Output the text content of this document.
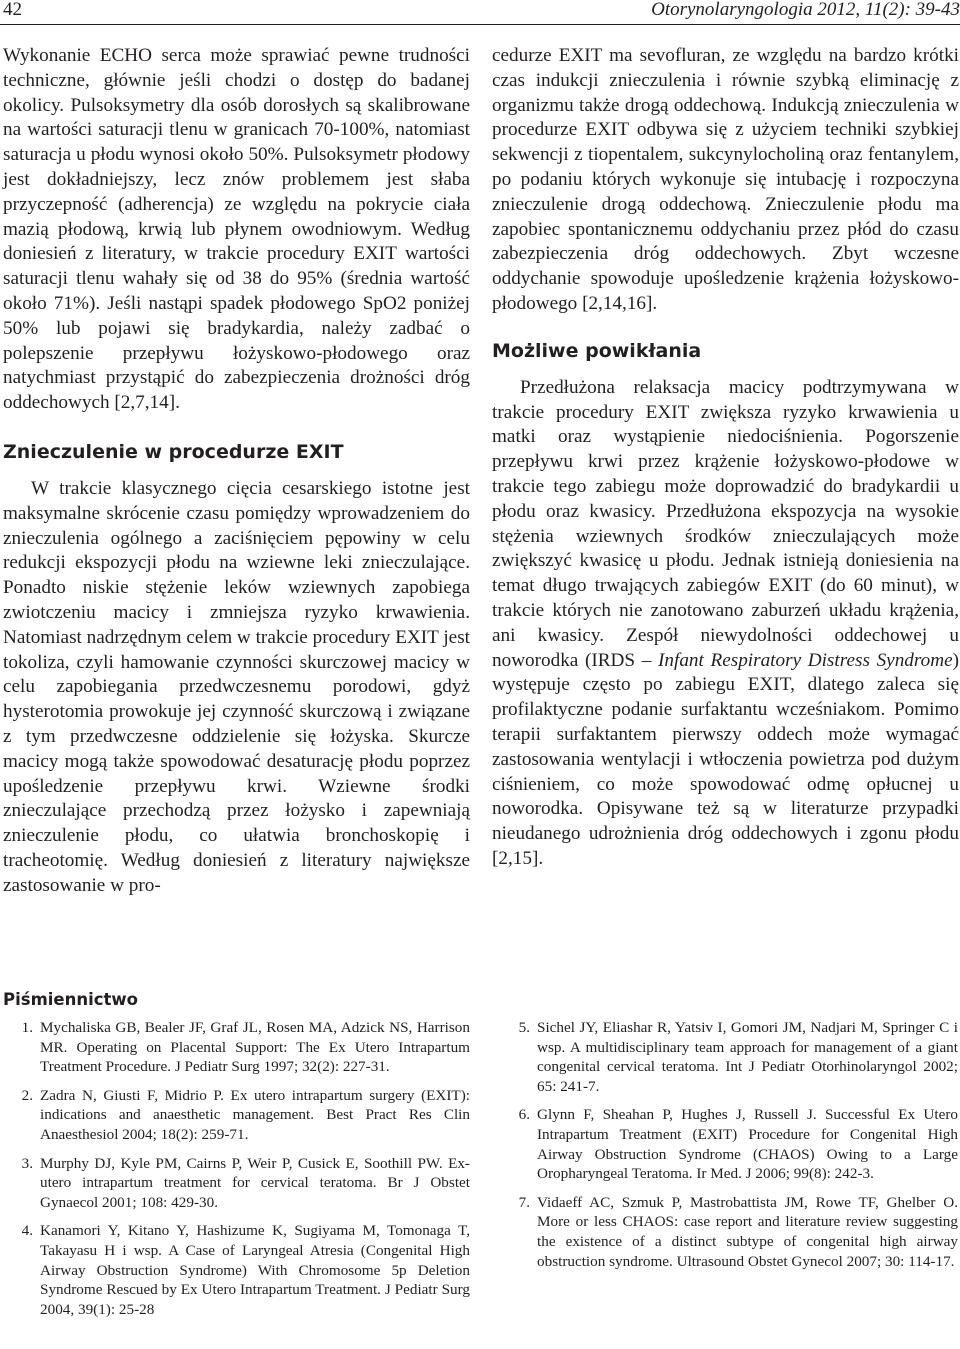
42	Otorynolaryngologia 2012, 11(2): 39-43

Wykonanie ECHO serca może sprawiać pewne trudności techniczne, głównie jeśli chodzi o dostęp do badanej okolicy. Pulsoksymetry dla osób dorosłych są skalibrowane na wartości saturacji tlenu w granicach 70-100%, natomiast saturacja u płodu wynosi około 50%. Pulsoksymetr płodowy jest dokładniejszy, lecz znów problemem jest słaba przyczepność (adherencja) ze względu na pokrycie ciała mazią płodową, krwią lub płynem owodniowym. Według doniesień z literatury, w trakcie procedury EXIT wartości saturacji tlenu wahały się od 38 do 95% (średnia wartość około 71%). Jeśli nastąpi spadek płodowego SpO2 poniżej 50% lub pojawi się bradykardia, należy zadbać o polepszenie przepływu łożyskowo-płodowego oraz natychmiast przystąpić do zabezpieczenia drożności dróg oddechowych [2,7,14].

Znieczulenie w procedurze EXIT

W trakcie klasycznego cięcia cesarskiego istotne jest maksymalne skrócenie czasu pomiędzy wprowadzeniem do znieczulenia ogólnego a zaciśnięciem pępowiny w celu redukcji ekspozycji płodu na wziewne leki znieczulające. Ponadto niskie stężenie leków wziewnych zapobiega zwiotczeniu macicy i zmniejsza ryzyko krwawienia. Natomiast nadrzędnym celem w trakcie procedury EXIT jest tokoliza, czyli hamowanie czynności skurczowej macicy w celu zapobiegania przedwczesnemu porodowi, gdyż hysterotomia prowokuje jej czynność skurczową i związane z tym przedwczesne oddzielenie się łożyska. Skurcze macicy mogą także spowodować desaturację płodu poprzez upośledzenie przepływu krwi. Wziewne środki znieczulające przechodzą przez łożysko i zapewniają znieczulenie płodu, co ułatwia bronchoskopię i tracheotomię. Według doniesień z literatury największe zastosowanie w pro-

cedurze EXIT ma sevofluran, ze względu na bardzo krótki czas indukcji znieczulenia i równie szybką eliminację z organizmu także drogą oddechową. Indukcją znieczulenia w procedurze EXIT odbywa się z użyciem techniki szybkiej sekwencji z tiopentalem, sukcynylocholiną oraz fentanylem, po podaniu których wykonuje się intubację i rozpoczyna znieczulenie drogą oddechową. Znieczulenie płodu ma zapobiec spontanicznemu oddychaniu przez płód do czasu zabezpieczenia dróg oddechowych. Zbyt wczesne oddychanie spowoduje upośledzenie krążenia łożyskowo-płodowego [2,14,16].

Możliwe powikłania

Przedłużona relaksacja macicy podtrzymywana w trakcie procedury EXIT zwiększa ryzyko krwawienia u matki oraz wystąpienie niedociśnienia. Pogorszenie przepływu krwi przez krążenie łożyskowo-płodowe w trakcie tego zabiegu może doprowadzić do bradykardii u płodu oraz kwasicy. Przedłużona ekspozycja na wysokie stężenia wziewnych środków znieczulających może zwiększyć kwasicę u płodu. Jednak istnieją doniesienia na temat długo trwających zabiegów EXIT (do 60 minut), w trakcie których nie zanotowano zaburzeń układu krążenia, ani kwasicy. Zespół niewydolności oddechowej u noworodka (IRDS – Infant Respiratory Distress Syndrome) występuje często po zabiegu EXIT, dlatego zaleca się profilaktyczne podanie surfaktantu wcześniakom. Pomimo terapii surfaktantem pierwszy oddech może wymagać zastosowania wentylacji i wtłoczenia powietrza pod dużym ciśnieniem, co może spowodować odmę opłucnej u noworodka. Opisywane też są w literaturze przypadki nieudanego udrożnienia dróg oddechowych i zgonu płodu [2,15].

Piśmiennictwo
1. Mychaliska GB, Bealer JF, Graf JL, Rosen MA, Adzick NS, Harrison MR. Operating on Placental Support: The Ex Utero Intrapartum Treatment Procedure. J Pediatr Surg 1997; 32(2): 227-31.
2. Zadra N, Giusti F, Midrio P. Ex utero intrapartum surgery (EXIT): indications and anaesthetic management. Best Pract Res Clin Anaesthesiol 2004; 18(2): 259-71.
3. Murphy DJ, Kyle PM, Cairns P, Weir P, Cusick E, Soothill PW. Ex-utero intrapartum treatment for cervical teratoma. Br J Obstet Gynaecol 2001; 108: 429-30.
4. Kanamori Y, Kitano Y, Hashizume K, Sugiyama M, Tomonaga T, Takayasu H i wsp. A Case of Laryngeal Atresia (Congenital High Airway Obstruction Syndrome) With Chromosome 5p Deletion Syndrome Rescued by Ex Utero Intrapartum Treatment. J Pediatr Surg 2004, 39(1): 25-28
5. Sichel JY, Eliashar R, Yatsiv I, Gomori JM, Nadjari M, Springer C i wsp. A multidisciplinary team approach for management of a giant congenital cervical teratoma. Int J Pediatr Otorhinolaryngol 2002; 65: 241-7.
6. Glynn F, Sheahan P, Hughes J, Russell J. Successful Ex Utero Intrapartum Treatment (EXIT) Procedure for Congenital High Airway Obstruction Syndrome (CHAOS) Owing to a Large Oropharyngeal Teratoma. Ir Med. J 2006; 99(8): 242-3.
7. Vidaeff AC, Szmuk P, Mastrobattista JM, Rowe TF, Ghelber O. More or less CHAOS: case report and literature review suggesting the existence of a distinct subtype of congenital high airway obstruction syndrome. Ultrasound Obstet Gynecol 2007; 30: 114-17.
